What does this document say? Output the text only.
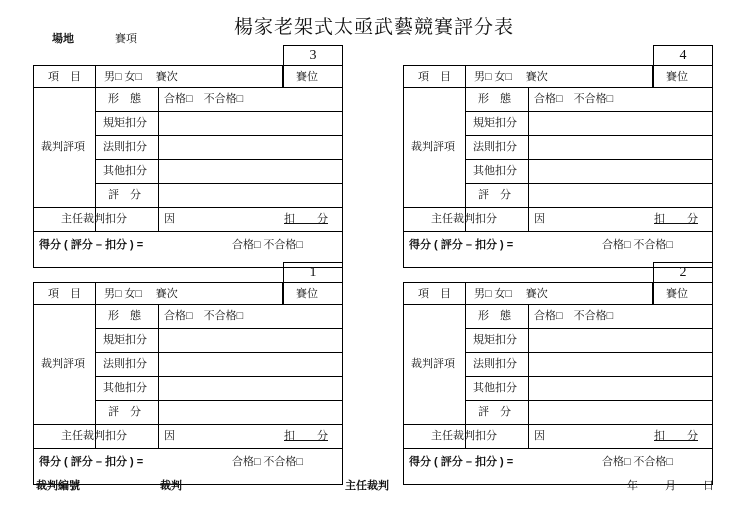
楊家老架式太亟武藝競賽評分表
場地	賽項
3
項　目 男□ 女□　 賽次	賽位
形　態 合格□　不合格□
裁判評項
規矩扣分
法則扣分
其他扣分
評　分
主任裁判扣分	因	扣　　分
得分 ( 評分 – 扣分 ) =	合格□ 不合格□
4
項　目 男□ 女□　 賽次	賽位
形　態 合格□　不合格□
裁判評項
規矩扣分
法則扣分
其他扣分
評　分
主任裁判扣分	因	扣　　分
得分 ( 評分 – 扣分 ) =	合格□ 不合格□
1
項　目 男□ 女□　 賽次	賽位
形　態 合格□　不合格□
裁判評項
規矩扣分
法則扣分
其他扣分
評　分
主任裁判扣分	因	扣　　分
得分 ( 評分 – 扣分 ) =	合格□ 不合格□
2
項　目 男□ 女□　 賽次	賽位
形　態 合格□　不合格□
裁判評項
規矩扣分
法則扣分
其他扣分
評　分
主任裁判扣分	因	扣　　分
得分 ( 評分 – 扣分 ) =	合格□ 不合格□
裁判編號	裁判	主任裁判	年 月 日
